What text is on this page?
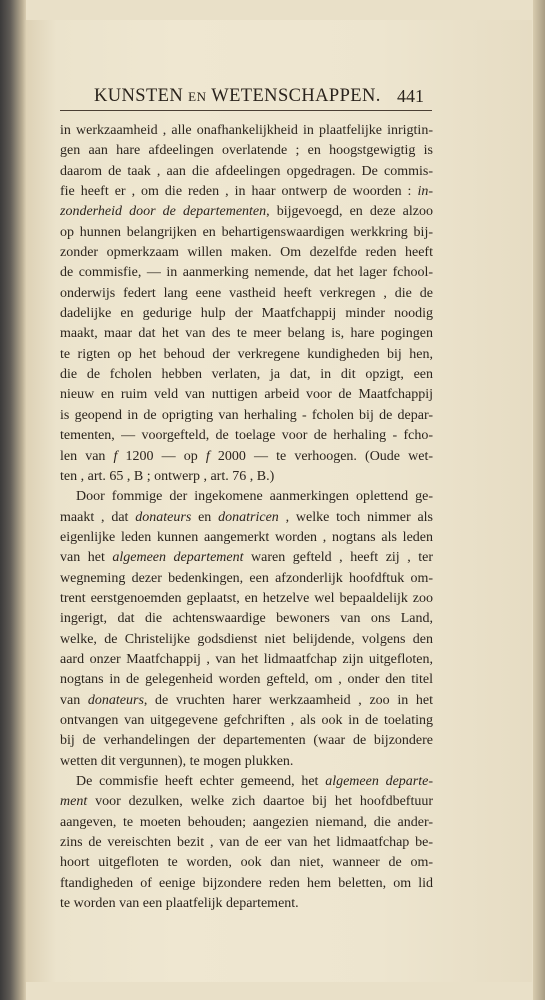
KUNSTEN EN WETENSCHAPPEN. 441
in werkzaamheid , alle onafhankelijkheid in plaatfelijke inrigtin-
gen aan hare afdeelingen overlatende ; en hoogstgewigtig is
daarom de taak , aan die afdeelingen opgedragen. De commis-
fie heeft er , om die reden , in haar ontwerp de woorden : in-
zonderheid door de departementen, bijgevoegd, en deze alzoo
op hunnen belangrijken en behartigenswaardigen werkkring bij-
zonder opmerkzaam willen maken. Om dezelfde reden heeft
de commisfie, — in aanmerking nemende, dat het lager fchool-
onderwijs federt lang eene vastheid heeft verkregen , die de
dadelijke en gedurige hulp der Maatfchappij minder noodig
maakt, maar dat het van des te meer belang is, hare pogingen
te rigten op het behoud der verkregene kundigheden bij hen,
die de fcholen hebben verlaten, ja dat, in dit opzigt, een
nieuw en ruim veld van nuttigen arbeid voor de Maatfchappij
is geopend in de oprigting van herhaling - fcholen bij de depar-
tementen, — voorgefteld, de toelage voor de herhaling - fcho-
len van f 1200 — op f 2000 — te verhoogen. (Oude wet-
ten , art. 65 , B ; ontwerp , art. 76 , B.)
Door fommige der ingekomene aanmerkingen oplettend ge-
maakt , dat donateurs en donatricen , welke toch nimmer als
eigenlijke leden kunnen aangemerkt worden , nogtans als leden
van het algemeen departement waren gefteld , heeft zij , ter
wegneming dezer bedenkingen, een afzonderlijk hoofdftuk om-
trent eerstgenoemden geplaatst, en hetzelve wel bepaaldelijk zoo
ingerigt, dat die achtenswaardige bewoners van ons Land,
welke, de Christelijke godsdienst niet belijdende, volgens den
aard onzer Maatfchappij , van het lidmaatfchap zijn uitgefloten,
nogtans in de gelegenheid worden gefteld, om , onder den titel
van donateurs, de vruchten harer werkzaamheid , zoo in het
ontvangen van uitgegevene gefchriften , als ook in de toelating
bij de verhandelingen der departementen (waar de bijzondere
wetten dit vergunnen), te mogen plukken.
De commisfie heeft echter gemeend, het algemeen departe-
ment voor dezulken, welke zich daartoe bij het hoofdbeftuur
aangeven, te moeten behouden; aangezien niemand, die ander-
zins de vereischten bezit , van de eer van het lidmaatfchap be-
hoort uitgefloten te worden, ook dan niet, wanneer de om-
ftandigheden of eenige bijzondere reden hem beletten, om lid
te worden van een plaatfelijk departement.
